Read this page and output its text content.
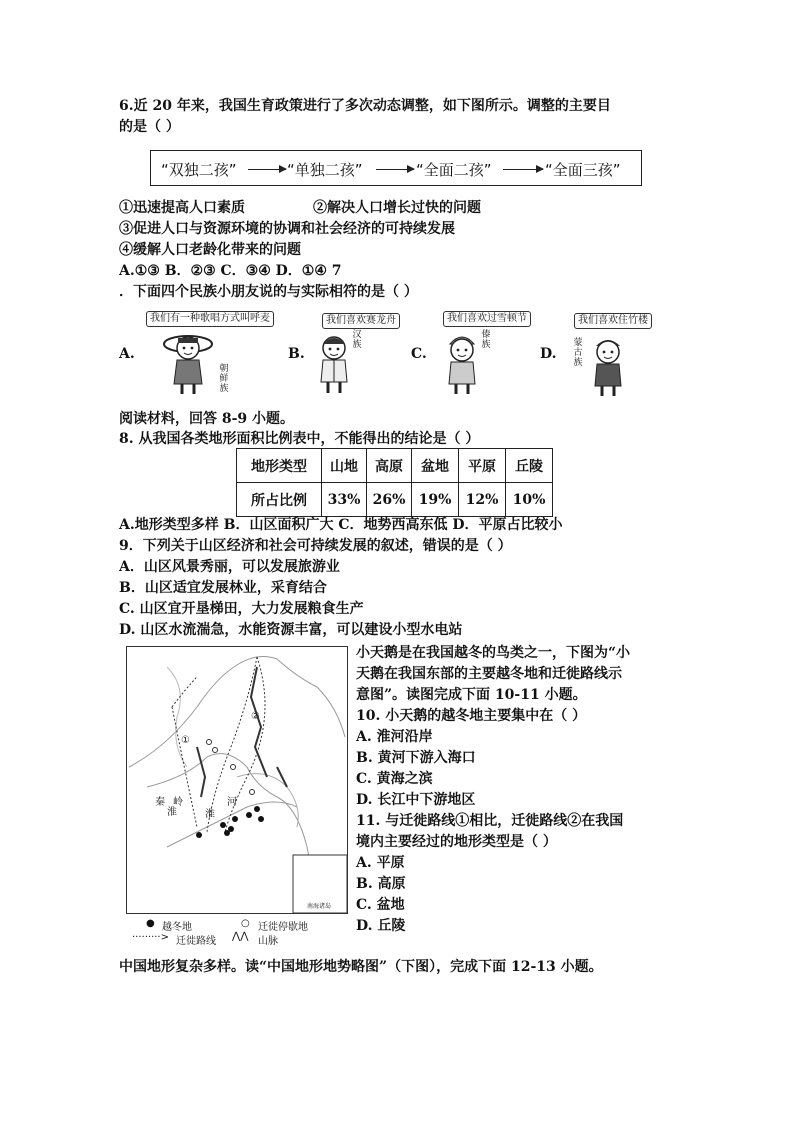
6.近 20 年来，我国生育政策进行了多次动态调整，如下图所示。调整的主要目
的是（ ）
“双独二孩”	“单独二孩”	“全面二孩”	“全面三孩”
①迅速提高人口素质	②解决人口增长过快的问题
③促进人口与资源环境的协调和社会经济的可持续发展
④缓解人口老龄化带来的问题
A.①③ B．②③ C．③④ D．①④ 7
．下面四个民族小朋友说的与实际相符的是（ ）
A.
我们有一种歌唱方式叫呼麦
朝鲜族
B.
我们喜欢赛龙舟
汉族
C.
我们喜欢过雪顿节
傣族
D.
我们喜欢住竹楼
蒙古族
阅读材料，回答 8-9 小题。
8. 从我国各类地形面积比例表中，不能得出的结论是（ ）
地形类型	山地	高原	盆地	平原	丘陵
所占比例	33%	26%	19%	12%	10%
A.地形类型多样 B．山区面积广大 C．地势西高东低 D．平原占比较小
9．下列关于山区经济和社会可持续发展的叙述，错误的是（ ）
A．山区风景秀丽，可以发展旅游业
B．山区适宜发展林业，采育结合
C. 山区宜开垦梯田，大力发展粮食生产
D. 山区水流湍急，水能资源丰富，可以建设小型水电站
①
②
秦 岭
淮	淮
河
南海诸岛
● 越冬地	○ 迁徙停歇地
·········> 迁徙路线 ⋀⋀ 山脉
小天鹅是在我国越冬的鸟类之一，下图为“小
天鹅在我国东部的主要越冬地和迁徙路线示
意图”。读图完成下面 10-11 小题。
10. 小天鹅的越冬地主要集中在（ ）
A. 淮河沿岸
B. 黄河下游入海口
C. 黄海之滨
D. 长江中下游地区
11. 与迁徙路线①相比，迁徙路线②在我国
境内主要经过的地形类型是（ ）
A. 平原
B. 高原
C. 盆地
D. 丘陵
中国地形复杂多样。读“中国地形地势略图”（下图），完成下面 12-13 小题。
